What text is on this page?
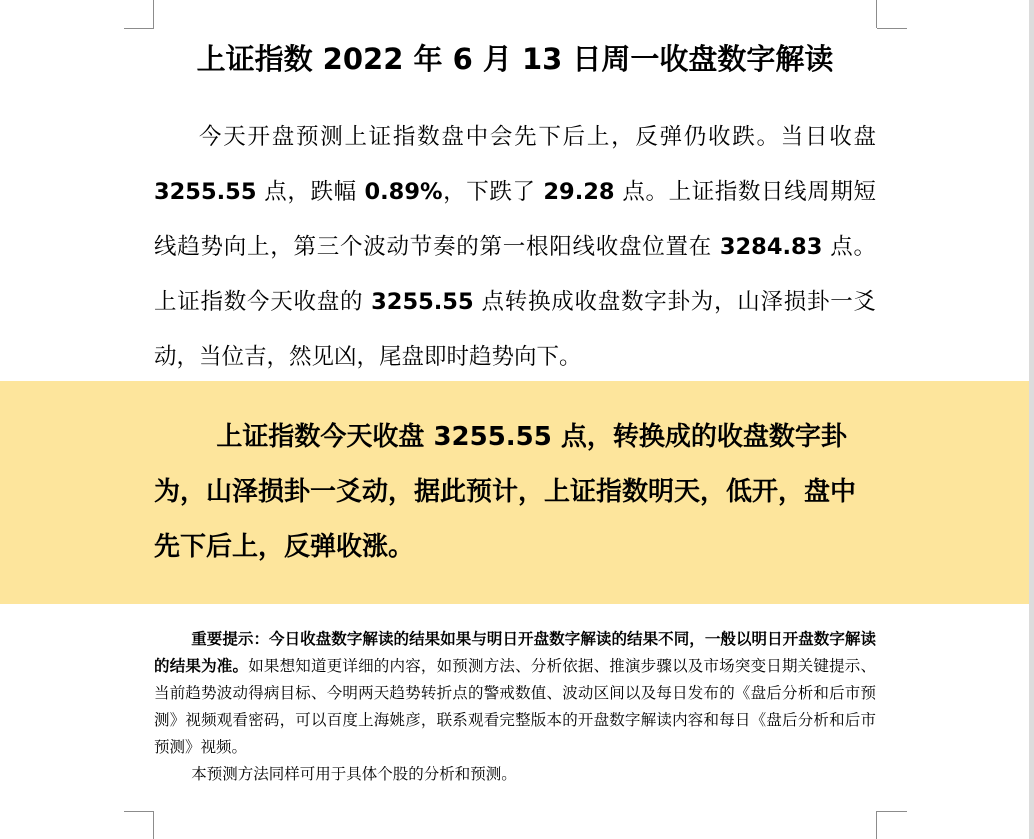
上证指数 2022 年 6 月 13 日周一收盘数字解读

今天开盘预测上证指数盘中会先下后上，反弹仍收跌。当日收盘3255.55 点，跌幅 0.89%，下跌了 29.28 点。上证指数日线周期短线趋势向上，第三个波动节奏的第一根阳线收盘位置在 3284.83 点。上证指数今天收盘的 3255.55 点转换成收盘数字卦为，山泽损卦一爻动，当位吉，然见凶，尾盘即时趋势向下。

上证指数今天收盘 3255.55 点，转换成的收盘数字卦为，山泽损卦一爻动，据此预计，上证指数明天，低开，盘中先下后上，反弹收涨。

重要提示：今日收盘数字解读的结果如果与明日开盘数字解读的结果不同，一般以明日开盘数字解读的结果为准。如果想知道更详细的内容，如预测方法、分析依据、推演步骤以及市场突变日期关键提示、当前趋势波动得病目标、今明两天趋势转折点的警戒数值、波动区间以及每日发布的《盘后分析和后市预测》视频观看密码，可以百度上海姚彦，联系观看完整版本的开盘数字解读内容和每日《盘后分析和后市预测》视频。

本预测方法同样可用于具体个股的分析和预测。
